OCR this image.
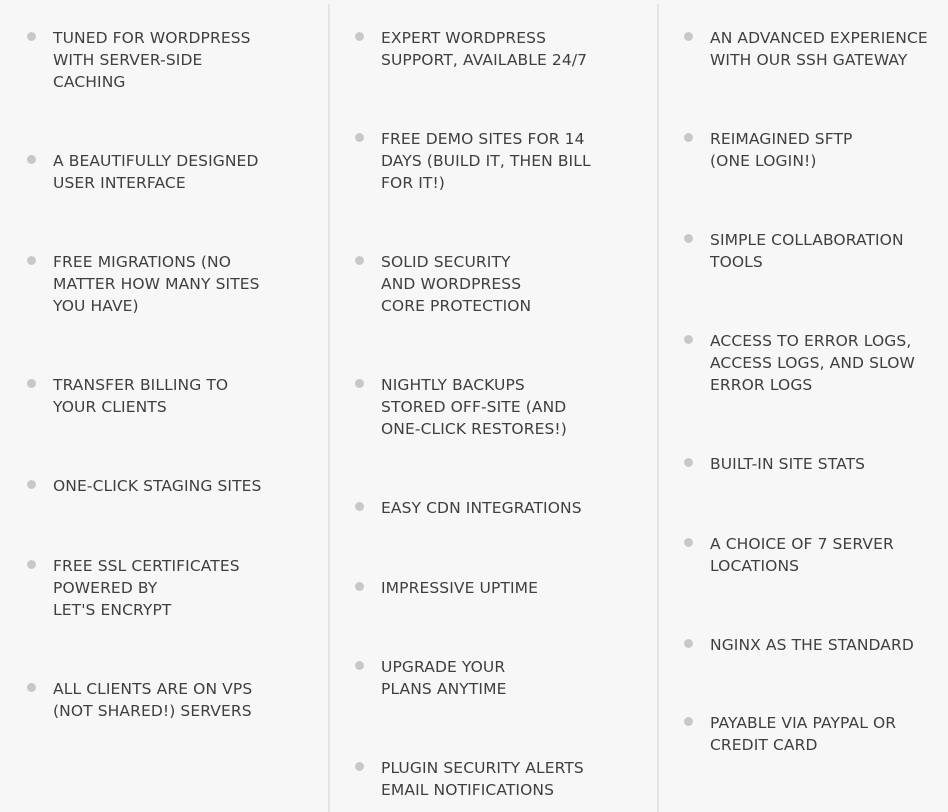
TUNED FOR WORDPRESS
WITH SERVER-SIDE
CACHING
A BEAUTIFULLY DESIGNED
USER INTERFACE
FREE MIGRATIONS (NO
MATTER HOW MANY SITES
YOU HAVE)
TRANSFER BILLING TO
YOUR CLIENTS
ONE-CLICK STAGING SITES
FREE SSL CERTIFICATES
POWERED BY
LET'S ENCRYPT
ALL CLIENTS ARE ON VPS
(NOT SHARED!) SERVERS
EXPERT WORDPRESS
SUPPORT, AVAILABLE 24/7
FREE DEMO SITES FOR 14
DAYS (BUILD IT, THEN BILL
FOR IT!)
SOLID SECURITY
AND WORDPRESS
CORE PROTECTION
NIGHTLY BACKUPS
STORED OFF-SITE (AND
ONE-CLICK RESTORES!)
EASY CDN INTEGRATIONS
IMPRESSIVE UPTIME
UPGRADE YOUR
PLANS ANYTIME
PLUGIN SECURITY ALERTS
EMAIL NOTIFICATIONS
AN ADVANCED EXPERIENCE
WITH OUR SSH GATEWAY
REIMAGINED SFTP
(ONE LOGIN!)
SIMPLE COLLABORATION
TOOLS
ACCESS TO ERROR LOGS,
ACCESS LOGS, AND SLOW
ERROR LOGS
BUILT-IN SITE STATS
A CHOICE OF 7 SERVER
LOCATIONS
NGINX AS THE STANDARD
PAYABLE VIA PAYPAL OR
CREDIT CARD
